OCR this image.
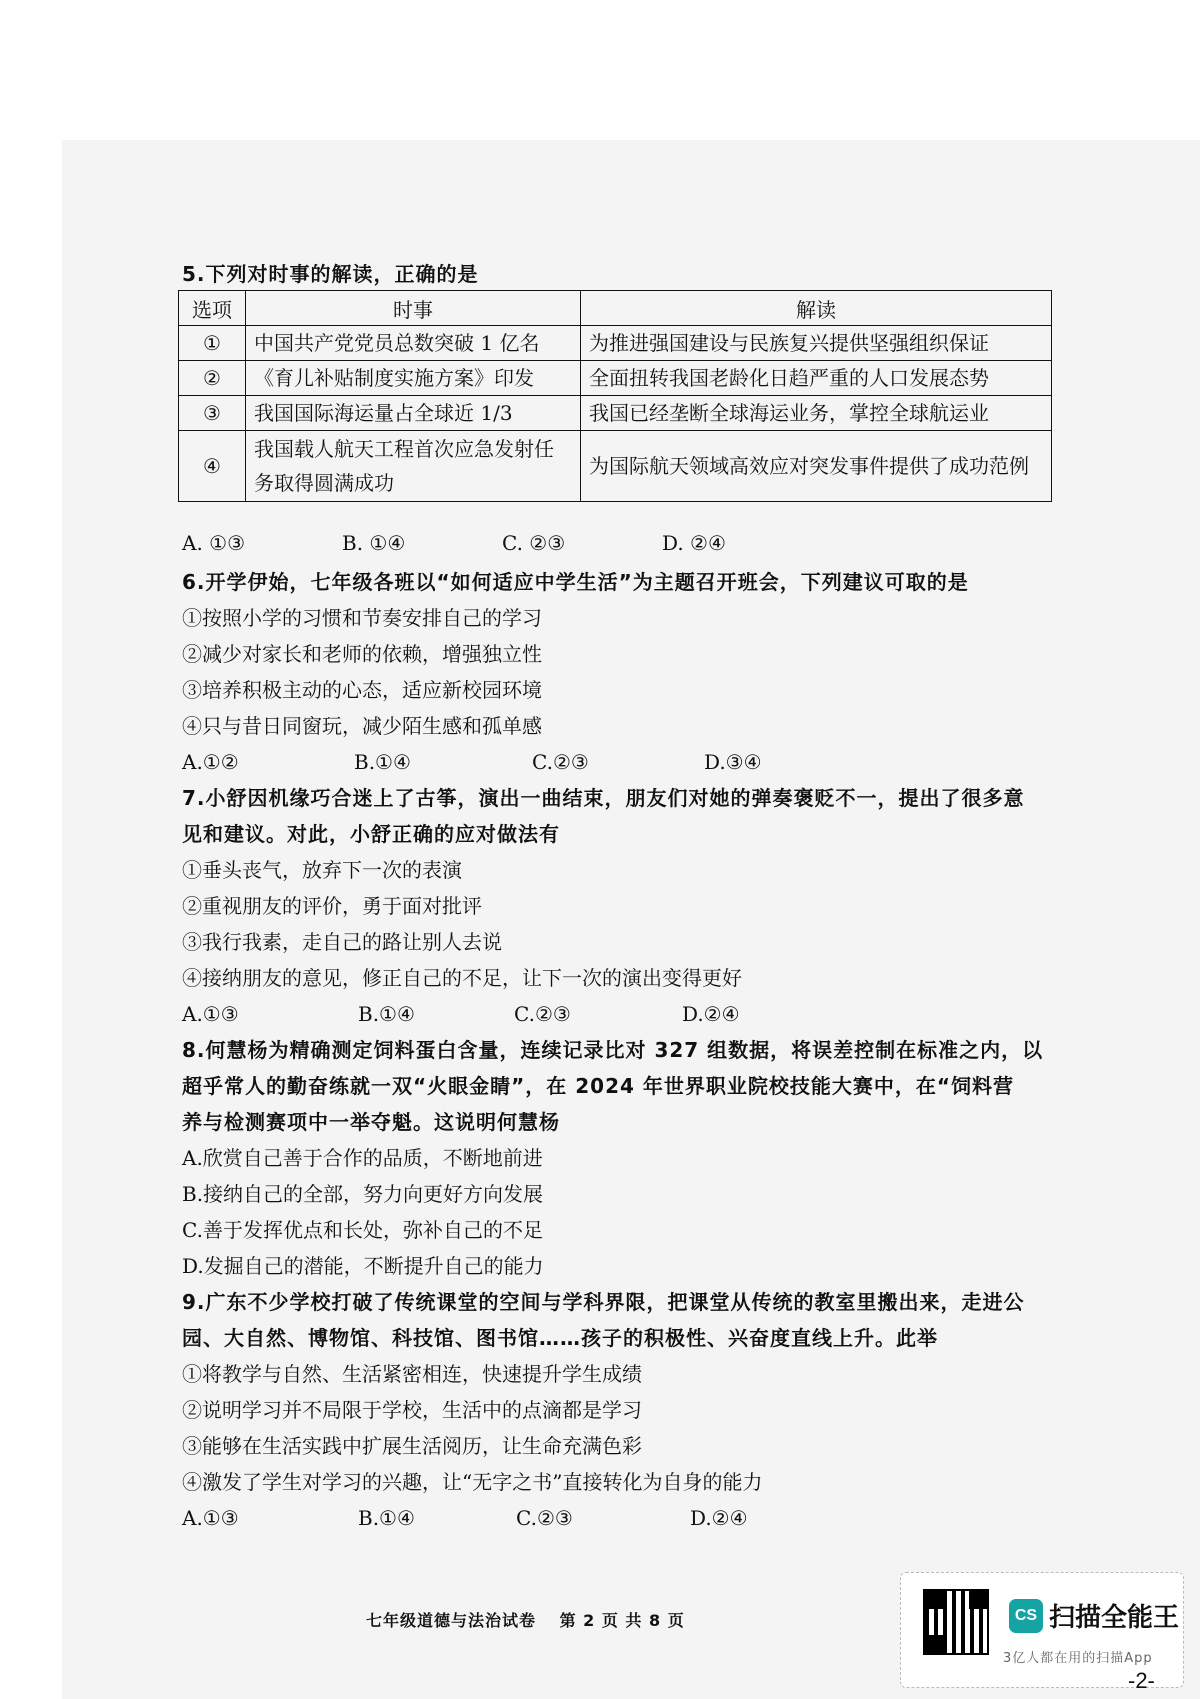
5.下列对时事的解读，正确的是
选项	时事	解读
①	中国共产党党员总数突破 1 亿名	为推进强国建设与民族复兴提供坚强组织保证
②	《育儿补贴制度实施方案》印发	全面扭转我国老龄化日趋严重的人口发展态势
③	我国国际海运量占全球近 1/3	我国已经垄断全球海运业务，掌控全球航运业
④	我国载人航天工程首次应急发射任务取得圆满成功	为国际航天领域高效应对突发事件提供了成功范例
A. ①③	B. ①④	C. ②③	D. ②④
6.开学伊始，七年级各班以“如何适应中学生活”为主题召开班会，下列建议可取的是
①按照小学的习惯和节奏安排自己的学习
②减少对家长和老师的依赖，增强独立性
③培养积极主动的心态，适应新校园环境
④只与昔日同窗玩，减少陌生感和孤单感
A.①②	B.①④	C.②③	D.③④
7.小舒因机缘巧合迷上了古筝，演出一曲结束，朋友们对她的弹奏褒贬不一，提出了很多意
见和建议。对此，小舒正确的应对做法有
①垂头丧气，放弃下一次的表演
②重视朋友的评价，勇于面对批评
③我行我素，走自己的路让别人去说
④接纳朋友的意见，修正自己的不足，让下一次的演出变得更好
A.①③	B.①④	C.②③	D.②④
8.何慧杨为精确测定饲料蛋白含量，连续记录比对 327 组数据，将误差控制在标准之内，以
超乎常人的勤奋练就一双“火眼金睛”，在 2024 年世界职业院校技能大赛中，在“饲料营
养与检测赛项中一举夺魁。这说明何慧杨
A.欣赏自己善于合作的品质，不断地前进
B.接纳自己的全部，努力向更好方向发展
C.善于发挥优点和长处，弥补自己的不足
D.发掘自己的潜能，不断提升自己的能力
9.广东不少学校打破了传统课堂的空间与学科界限，把课堂从传统的教室里搬出来，走进公
园、大自然、博物馆、科技馆、图书馆……孩子的积极性、兴奋度直线上升。此举
①将教学与自然、生活紧密相连，快速提升学生成绩
②说明学习并不局限于学校，生活中的点滴都是学习
③能够在生活实践中扩展生活阅历，让生命充满色彩
④激发了学生对学习的兴趣，让“无字之书”直接转化为自身的能力
A.①③	B.①④	C.②③	D.②④
七年级道德与法治试卷　 第 2 页 共 8 页	CS 扫描全能王
3亿人都在用的扫描App
-2-
